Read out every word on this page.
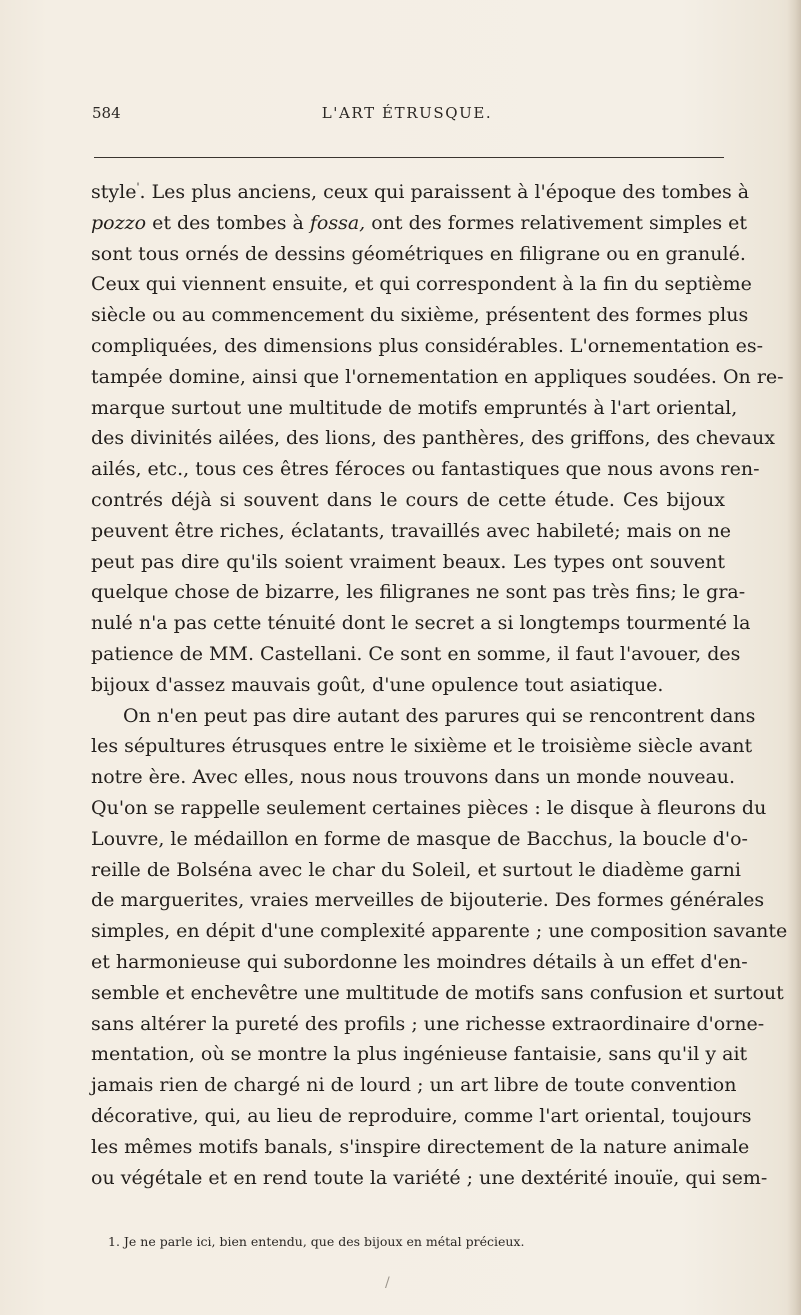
584	L'ART ÉTRUSQUE.
style'. Les plus anciens, ceux qui paraissent à l'époque des tombes à
pozzo et des tombes à fossa, ont des formes relativement simples et
sont tous ornés de dessins géométriques en filigrane ou en granulé.
Ceux qui viennent ensuite, et qui correspondent à la fin du septième
siècle ou au commencement du sixième, présentent des formes plus
compliquées, des dimensions plus considérables. L'ornementation es-
tampée domine, ainsi que l'ornementation en appliques soudées. On re-
marque surtout une multitude de motifs empruntés à l'art oriental,
des divinités ailées, des lions, des panthères, des griffons, des chevaux
ailés, etc., tous ces êtres féroces ou fantastiques que nous avons ren-
contrés déjà si souvent dans le cours de cette étude. Ces bijoux
peuvent être riches, éclatants, travaillés avec habileté; mais on ne
peut pas dire qu'ils soient vraiment beaux. Les types ont souvent
quelque chose de bizarre, les filigranes ne sont pas très fins; le gra-
nulé n'a pas cette ténuité dont le secret a si longtemps tourmenté la
patience de MM. Castellani. Ce sont en somme, il faut l'avouer, des
bijoux d'assez mauvais goût, d'une opulence tout asiatique.
On n'en peut pas dire autant des parures qui se rencontrent dans
les sépultures étrusques entre le sixième et le troisième siècle avant
notre ère. Avec elles, nous nous trouvons dans un monde nouveau.
Qu'on se rappelle seulement certaines pièces : le disque à fleurons du
Louvre, le médaillon en forme de masque de Bacchus, la boucle d'o-
reille de Bolséna avec le char du Soleil, et surtout le diadème garni
de marguerites, vraies merveilles de bijouterie. Des formes générales
simples, en dépit d'une complexité apparente ; une composition savante
et harmonieuse qui subordonne les moindres détails à un effet d'en-
semble et enchevêtre une multitude de motifs sans confusion et surtout
sans altérer la pureté des profils ; une richesse extraordinaire d'orne-
mentation, où se montre la plus ingénieuse fantaisie, sans qu'il y ait
jamais rien de chargé ni de lourd ; un art libre de toute convention
décorative, qui, au lieu de reproduire, comme l'art oriental, toujours
les mêmes motifs banals, s'inspire directement de la nature animale
ou végétale et en rend toute la variété ; une dextérité inouïe, qui sem-
1. Je ne parle ici, bien entendu, que des bijoux en métal précieux.
/
